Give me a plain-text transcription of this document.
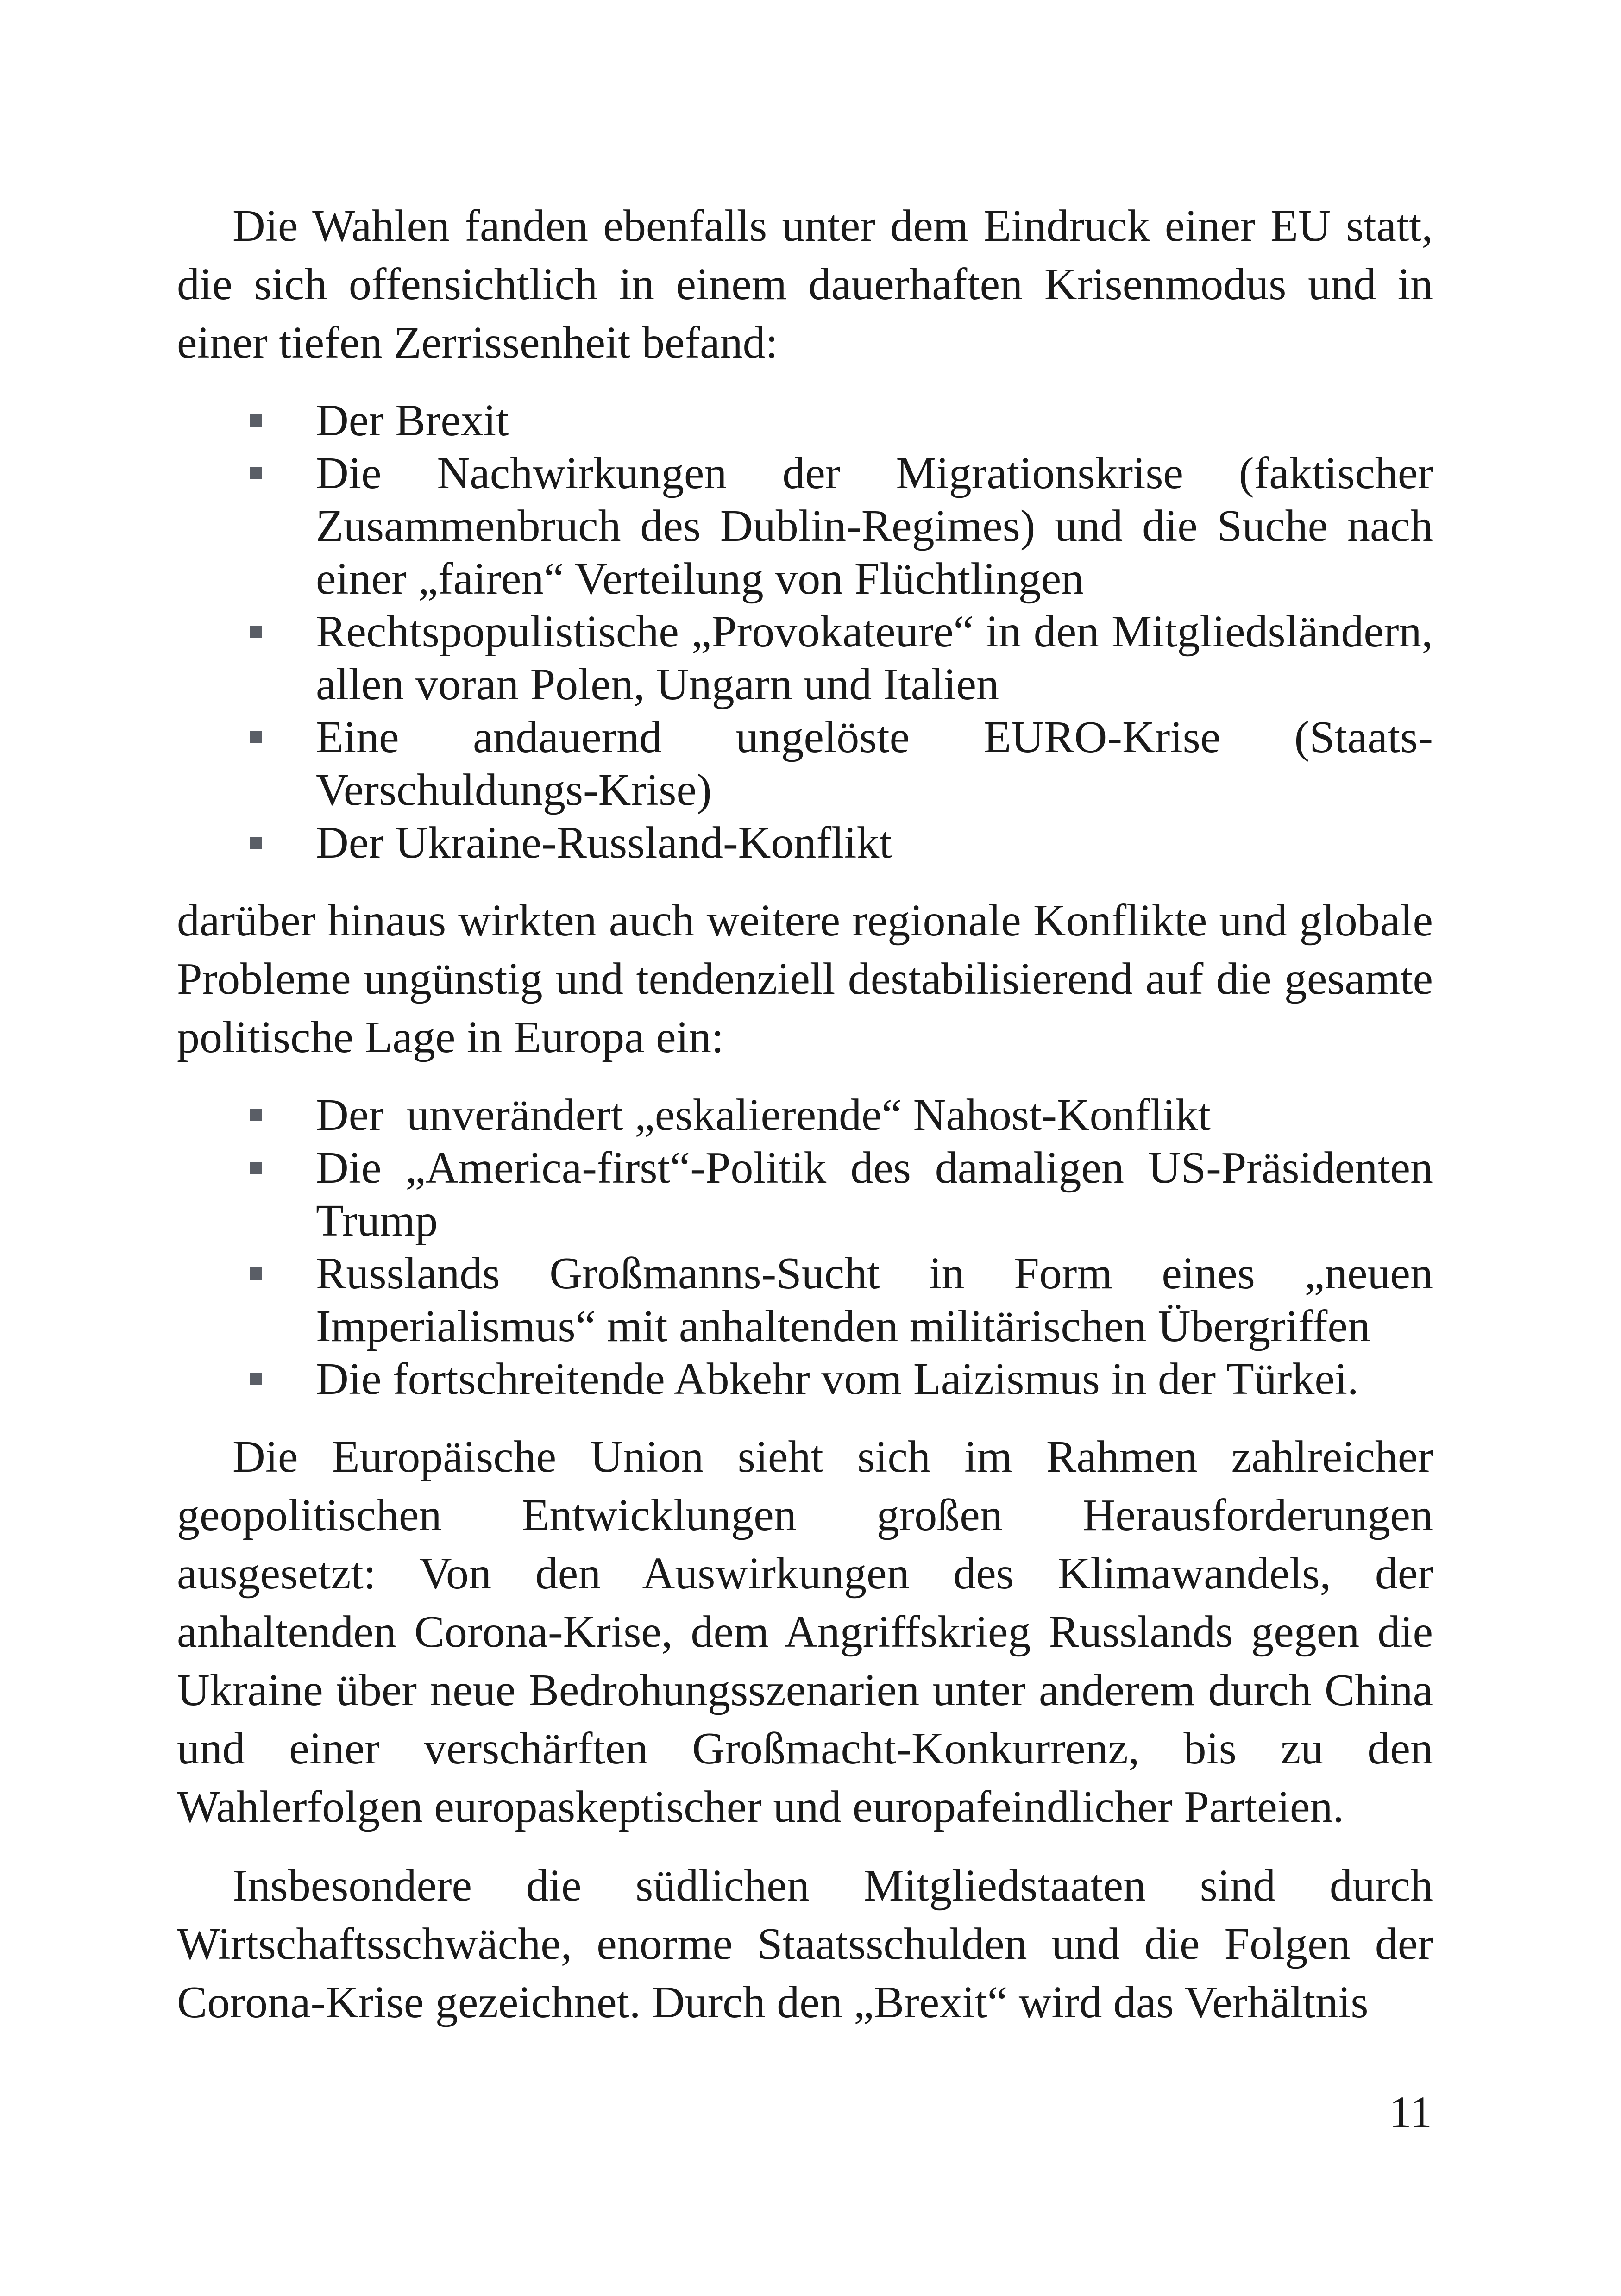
Die Wahlen fanden ebenfalls unter dem Eindruck einer EU statt, die sich offensichtlich in einem dauerhaften Krisenmodus und in einer tiefen Zerrissenheit befand:

Der Brexit
Die Nachwirkungen der Migrationskrise (faktischer Zusammenbruch des Dublin-Regimes) und die Suche nach einer „fairen“ Verteilung von Flüchtlingen
Rechtspopulistische „Provokateure“ in den Mitgliedsländern, allen voran Polen, Ungarn und Italien
Eine andauernd ungelöste EURO-Krise (Staats-Verschuldungs-Krise)
Der Ukraine-Russland-Konflikt

darüber hinaus wirkten auch weitere regionale Konflikte und globale Probleme ungünstig und tendenziell destabilisierend auf die gesamte politische Lage in Europa ein:

Der  unverändert „eskalierende“ Nahost-Konflikt
Die „America-first“-Politik des damaligen US-Präsidenten Trump
Russlands Großmanns-Sucht in Form eines „neuen Imperialismus“ mit anhaltenden militärischen Übergriffen
Die fortschreitende Abkehr vom Laizismus in der Türkei.

Die Europäische Union sieht sich im Rahmen zahlreicher geopolitischen Entwicklungen großen Herausforderungen ausgesetzt: Von den Auswirkungen des Klimawandels, der anhaltenden Corona-Krise, dem Angriffskrieg Russlands gegen die Ukraine über neue Bedrohungsszenarien unter anderem durch China und einer verschärften Großmacht-Konkurrenz, bis zu den Wahlerfolgen europaskeptischer und europafeindlicher Parteien.

Insbesondere die südlichen Mitgliedstaaten sind durch Wirtschaftsschwäche, enorme Staatsschulden und die Folgen der Corona-Krise gezeichnet. Durch den „Brexit“ wird das Verhältnis

11
